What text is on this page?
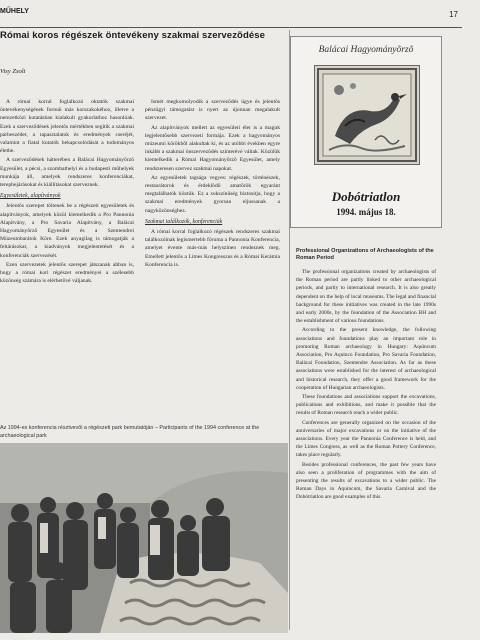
MŰHELY	17
Római koros régészek öntevékeny szakmai szervezõdése
Visy Zsolt

A római korral foglalkozó oktatók szakmai öntevékenységének formái más korszakokéhoz, illetve a nemzetközi kutatásban kialakult gyakorlathoz hasonlóak. Ezek a szervezõdések jelentõs mértékben segítik a szakmai párbeszédet, a tapasztalatok és eredmények cseréjét, valamint a fiatal kutatók bekapcsolódását a tudományos életbe.

A szervezõdések hátterében a Balácai Hagyományõrzõ Egyesület, a pécsi, a szombathelyi és a budapesti mûhelyek munkája áll, amelyek rendszeres konferenciákat, terepbejárásokat és kiállításokat szerveznek.

Egyesületek, alapítványok

Jelentõs szerepet töltenek be a régészeti egyesületek és alapítványok, amelyek közül kiemelkedik a Pro Pannonia Alapítvány, a Pro Savaria Alapítvány, a Balácai Hagyományõrzõ Egyesület és a Szentendrei Múzeumbarátok Köre. Ezek anyagilag is támogatják a feltárásokat, a kiadványok megjelentetését és a konferenciák szervezését.

Ezen szervezetek jelentõs szerepet játszanak abban is, hogy a római kori régészet eredményei a szélesebb közönség számára is elérhetõvé váljanak.

Ismét megkomolyodik a szervezõdés ügye és jelentõs pénzügyi támogatást is nyert az újonnan megalakult szervezet.

Az alapítványok mellett az egyesületi élet is a maguk legjelentõsebb szervezeti formája. Ezek a hagyományos múzeumi körökbõl alakultak ki, és az utóbbi években egyre inkább a szakmai önszervezõdés színterévé váltak. Közülük kiemelkedik a Római Hagyományõrzõ Egyesület, amely rendszeresen szervez szakmai napokat.

Az egyesületek tagsága vegyes: régészek, történészek, restaurátorok és érdeklõdõ amatõrök egyaránt megtalálhatók köztük. Ez a sokszínûség biztosítja, hogy a szakmai eredmények gyorsan eljussanak a nagyközönséghez.

Szakmai találkozók, konferenciák

A római korral foglalkozó régészek rendszeres szakmai találkozóinak legismertebb fóruma a Pannonia Konferencia, amelyet évente más-más helyszínen rendeznek meg. Emellett jelentõs a Limes Kongresszus és a Római Kerámia Konferencia is.

Balácai Hagyományõrzõ
Dobótriatlon
1994. május 18.
Professional Organizations of Archaeologists of the Roman Period

The professional organizations created by archaeologists of the Roman period are partly linked to other archaeological periods, and partly to international research. It is also greatly dependent on the help of local museums. The legal and financial background for these initiatives was created in the late 1990s and early 2000s, by the foundation of the Association BH and the establishment of various foundations.

According to the present knowledge, the following associations and foundations play an important role in promoting Roman archaeology in Hungary: Aquincum Association, Pro Aquinco Foundation, Pro Savaria Foundation, Balácai Foundation, Szentendre Association. As far as these associations were established for the interest of archaeological and historical research, they offer a good framework for the cooperation of Hungarian archaeologists.

These foundations and associations support the excavations, publications and exhibitions, and make it possible that the results of Roman research reach a wider public.

Conferences are generally organized on the occasion of the anniversaries of major excavations or on the initiative of the associations. Every year the Pannonia Conference is held, and the Limes Congress, as well as the Roman Pottery Conference, takes place regularly.

Besides professional conferences, the past few years have also seen a proliferation of programmes with the aim of presenting the results of excavations to a wider public. The Roman Days in Aquincum, the Savaria Carnival and the Dobótriatlon are good examples of this.

Az 1994-es konferencia résztvevõi a régészeti park bemutatóján – Participants of the 1994 conference at the archaeological park
